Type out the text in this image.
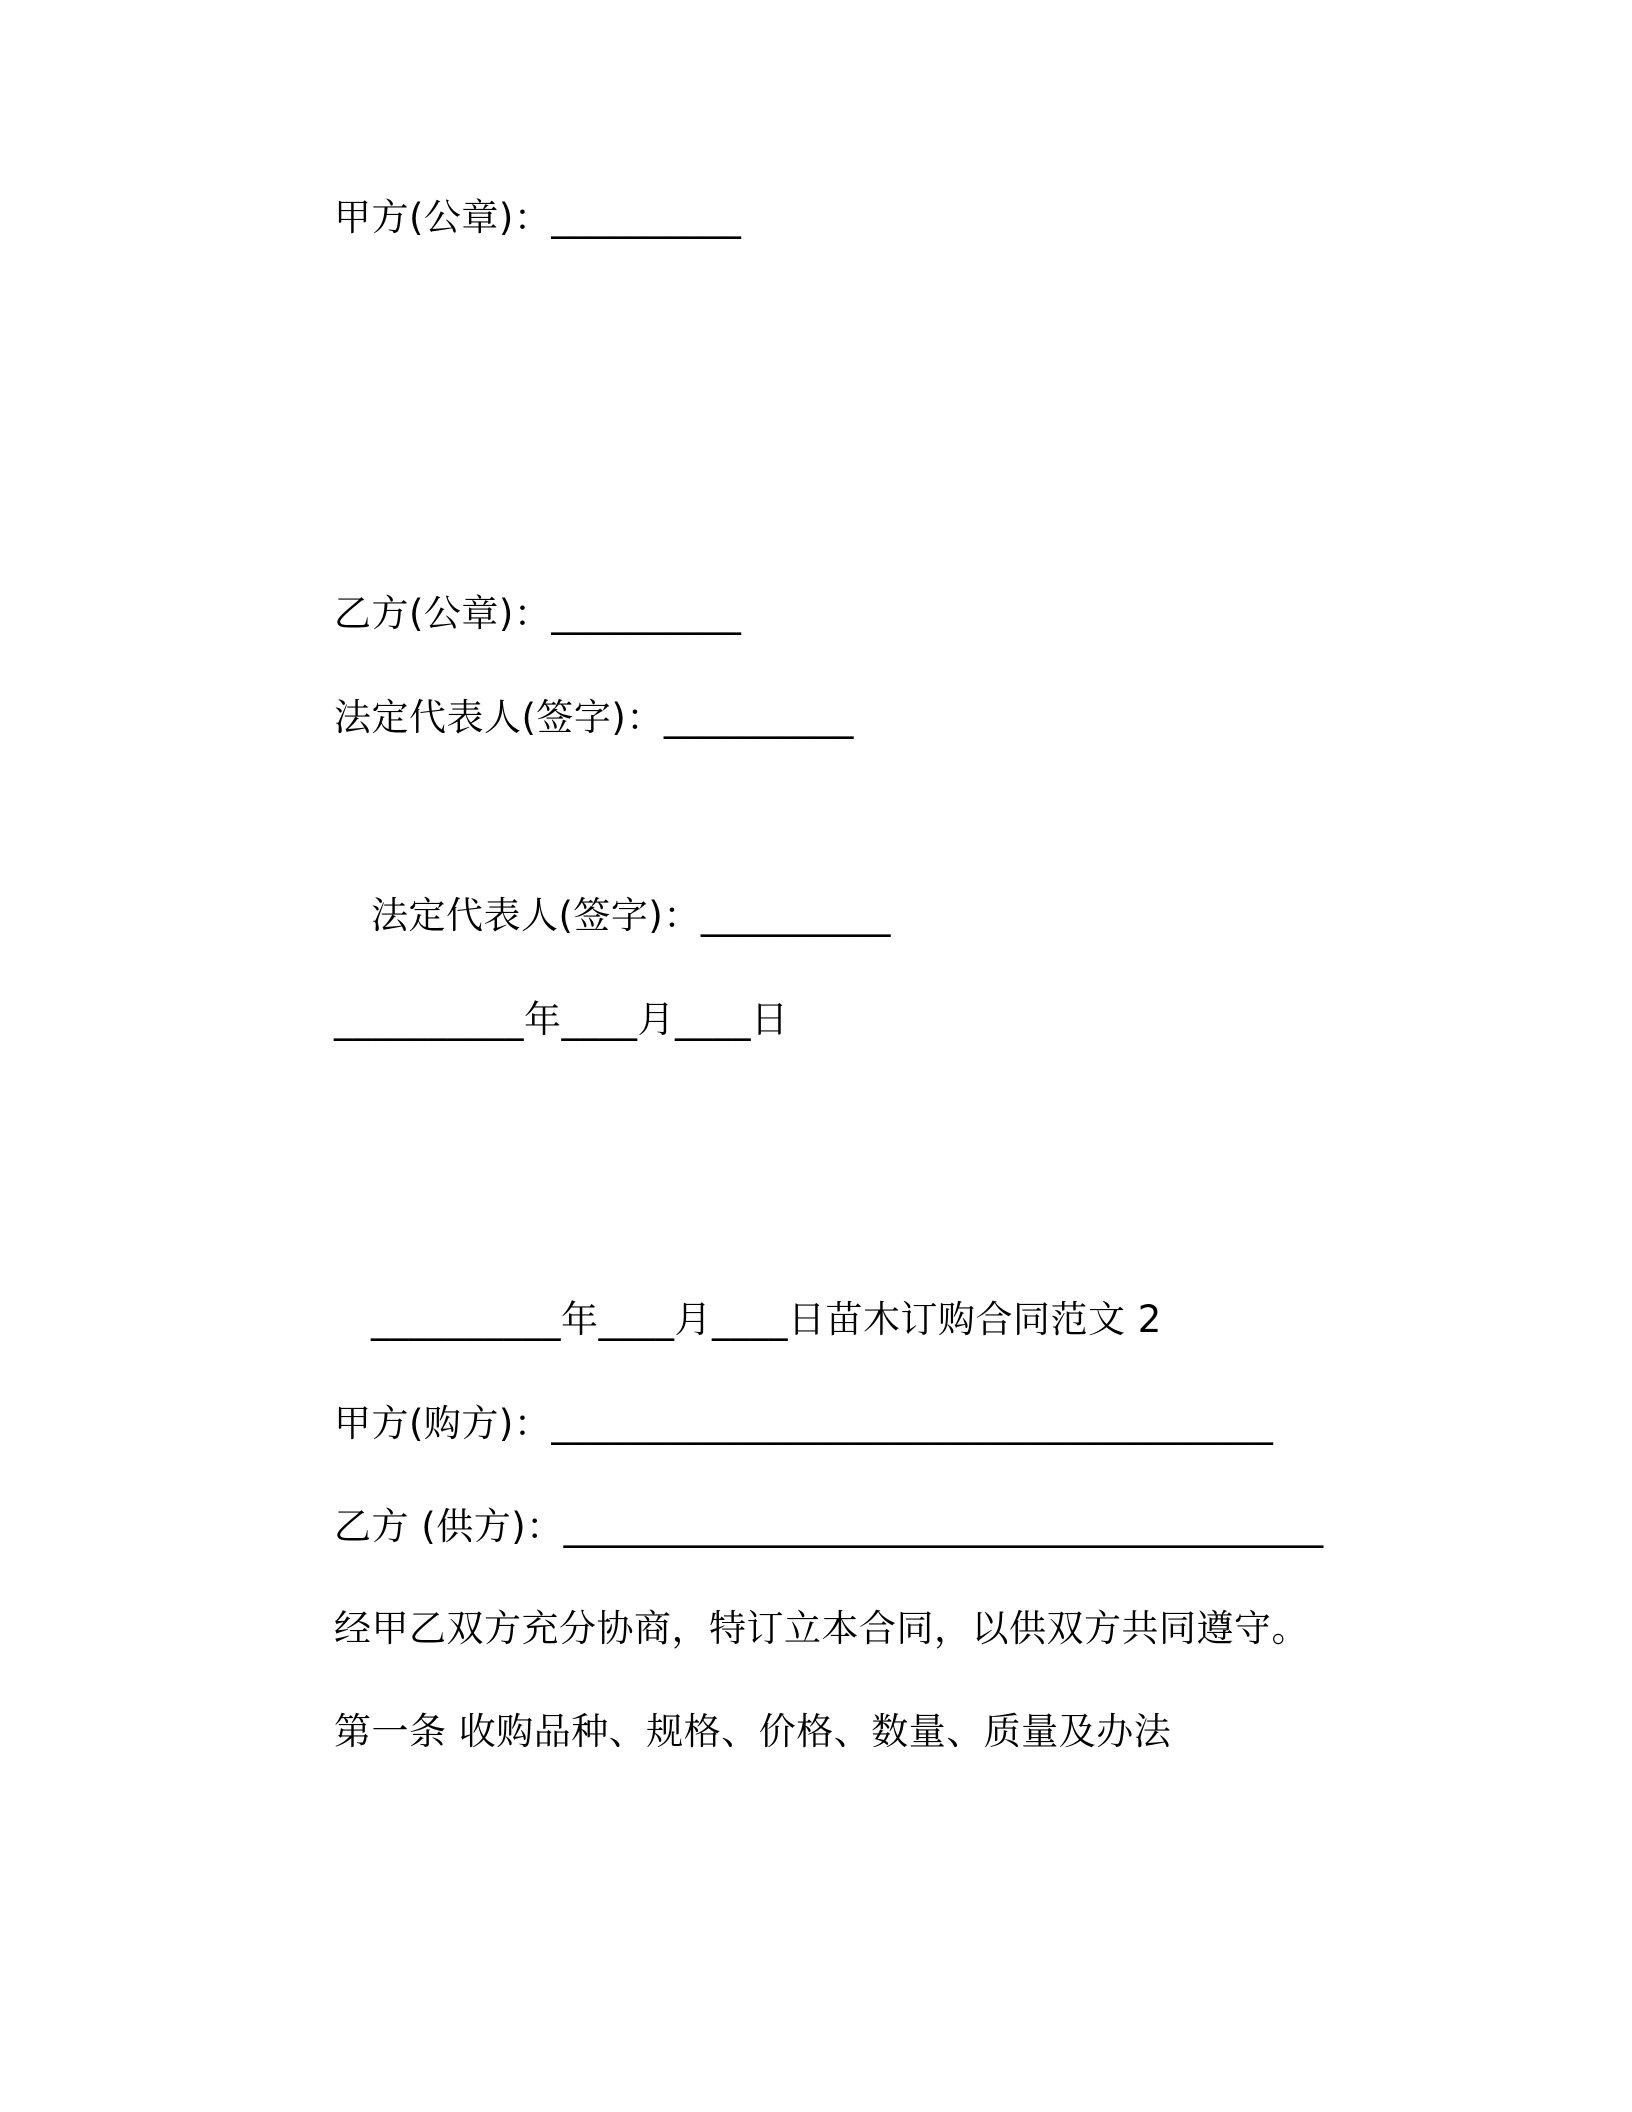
甲方(公章)：__________

乙方(公章)：__________

法定代表人(签字)：__________

法定代表人(签字)：__________

__________年____月____日

__________年____月____日苗木订购合同范文 2

甲方(购方)：______________________________________

乙方 (供方)：________________________________________

经甲乙双方充分协商，特订立本合同，以供双方共同遵守。

第一条 收购品种、规格、价格、数量、质量及办法
